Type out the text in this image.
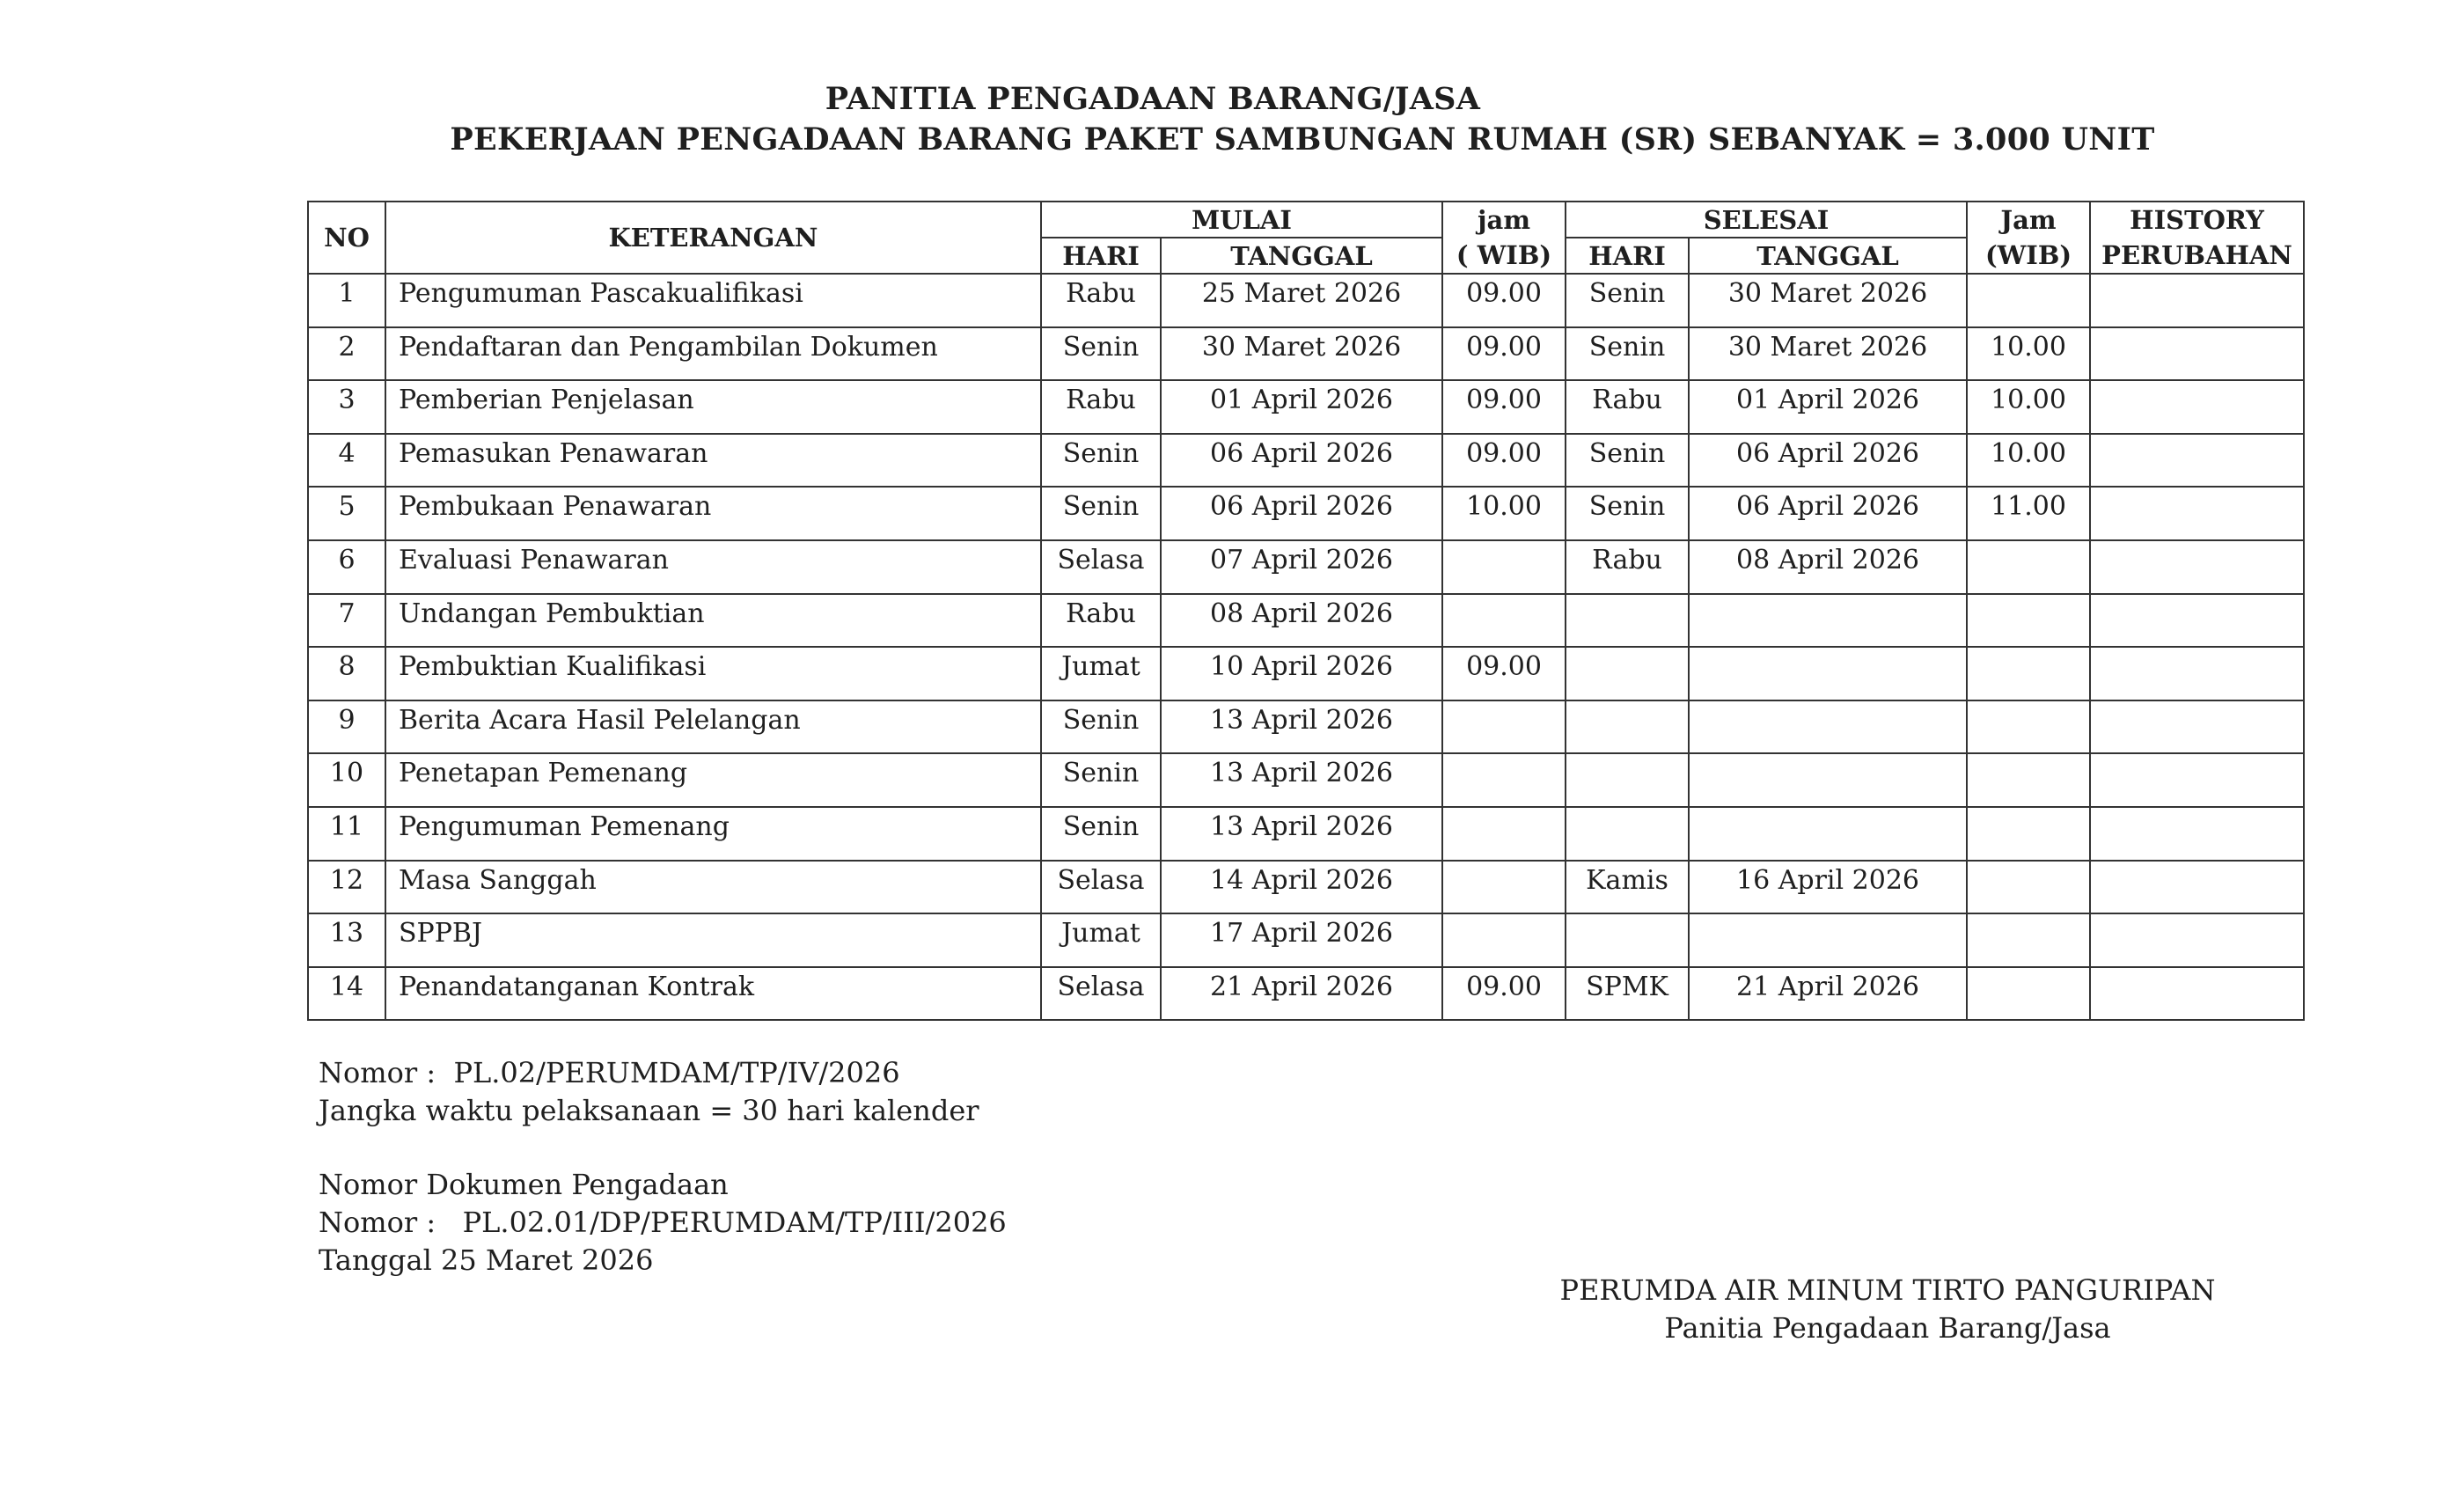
PANITIA PENGADAAN BARANG/JASA
PEKERJAAN PENGADAAN BARANG PAKET SAMBUNGAN RUMAH (SR) SEBANYAK = 3.000 UNIT
NO	KETERANGAN	MULAI		jam	SELESAI		Jam	HISTORY
		HARI	TANGGAL	( WIB)	HARI	TANGGAL	(WIB)	PERUBAHAN
1	Pengumuman Pascakualifikasi	Rabu	25 Maret 2026	09.00	Senin	30 Maret 2026		
2	Pendaftaran dan Pengambilan Dokumen	Senin	30 Maret 2026	09.00	Senin	30 Maret 2026	10.00	
3	Pemberian Penjelasan	Rabu	01 April 2026	09.00	Rabu	01 April 2026	10.00	
4	Pemasukan Penawaran	Senin	06 April 2026	09.00	Senin	06 April 2026	10.00	
5	Pembukaan Penawaran	Senin	06 April 2026	10.00	Senin	06 April 2026	11.00	
6	Evaluasi Penawaran	Selasa	07 April 2026		Rabu	08 April 2026		
7	Undangan Pembuktian	Rabu	08 April 2026					
8	Pembuktian Kualifikasi	Jumat	10 April 2026	09.00				
9	Berita Acara Hasil Pelelangan	Senin	13 April 2026					
10	Penetapan Pemenang	Senin	13 April 2026					
11	Pengumuman Pemenang	Senin	13 April 2026					
12	Masa Sanggah	Selasa	14 April 2026		Kamis	16 April 2026		
13	SPPBJ	Jumat	17 April 2026					
14	Penandatanganan Kontrak	Selasa	21 April 2026	09.00	SPMK	21 April 2026		
Nomor :  PL.02/PERUMDAM/TP/IV/2026
Jangka waktu pelaksanaan = 30 hari kalender
Nomor Dokumen Pengadaan
Nomor :   PL.02.01/DP/PERUMDAM/TP/III/2026
Tanggal 25 Maret 2026
PERUMDA AIR MINUM TIRTO PANGURIPAN
Panitia Pengadaan Barang/Jasa
